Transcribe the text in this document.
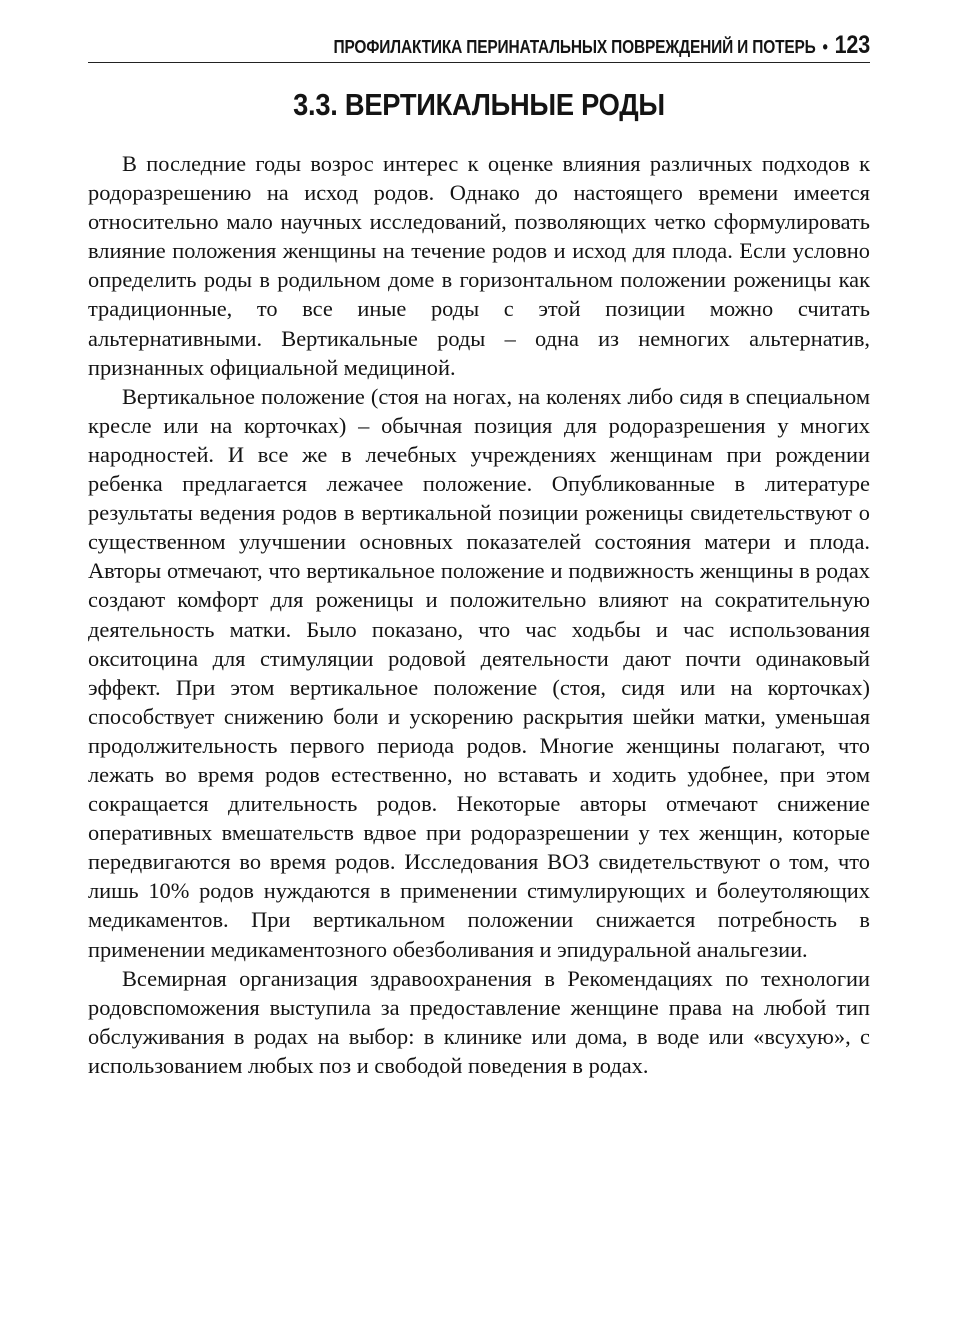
ПРОФИЛАКТИКА ПЕРИНАТАЛЬНЫХ ПОВРЕЖДЕНИЙ И ПОТЕРЬ • 123
3.3. ВЕРТИКАЛЬНЫЕ РОДЫ

В последние годы возрос интерес к оценке влияния различных подходов к родоразрешению на исход родов. Однако до настоящего времени имеется относительно мало научных исследований, позволяющих четко сформулировать влияние положения женщины на течение родов и исход для плода. Если условно определить роды в родильном доме в горизонтальном положении роженицы как традиционные, то все иные роды с этой позиции можно считать альтернативными. Вертикальные роды – одна из немногих альтернатив, признанных официальной медициной.

Вертикальное положение (стоя на ногах, на коленях либо сидя в специальном кресле или на корточках) – обычная позиция для родоразрешения у многих народностей. И все же в лечебных учреждениях женщинам при рождении ребенка предлагается лежачее положение. Опубликованные в литературе результаты ведения родов в вертикальной позиции роженицы свидетельствуют о существенном улучшении основных показателей состояния матери и плода. Авторы отмечают, что вертикальное положение и подвижность женщины в родах создают комфорт для роженицы и положительно влияют на сократительную деятельность матки. Было показано, что час ходьбы и час использования окситоцина для стимуляции родовой деятельности дают почти одинаковый эффект. При этом вертикальное положение (стоя, сидя или на корточках) способствует снижению боли и ускорению раскрытия шейки матки, уменьшая продолжительность первого периода родов. Многие женщины полагают, что лежать во время родов естественно, но вставать и ходить удобнее, при этом сокращается длительность родов. Некоторые авторы отмечают снижение оперативных вмешательств вдвое при родоразрешении у тех женщин, которые передвигаются во время родов. Исследования ВОЗ свидетельствуют о том, что лишь 10% родов нуждаются в применении стимулирующих и болеутоляющих медикаментов. При вертикальном положении снижается потребность в применении медикаментозного обезболивания и эпидуральной анальгезии.

Всемирная организация здравоохранения в Рекомендациях по технологии родовспоможения выступила за предоставление женщине права на любой тип обслуживания в родах на выбор: в клинике или дома, в воде или «всухую», с использованием любых поз и свободой поведения в родах.
